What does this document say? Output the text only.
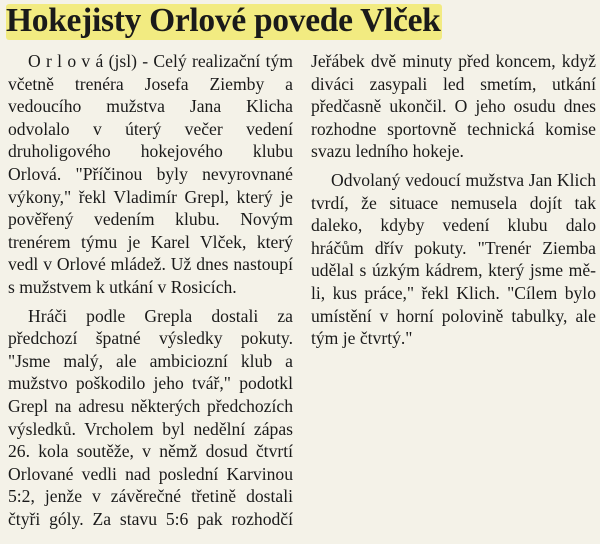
Hokejisty Orlové povede Vlček

O r l o v á (jsl) - Celý realizační tým včetně trenéra Josefa Ziemby a vedoucího mužstva Jana Klicha odvolalo v úterý večer vedení druholigového hokejového klubu Orlová. "Příčinou byly nevyrovnané výkony," řekl Vladimír Grepl, který je pověřený vedením klubu. Novým trenérem týmu je Karel Vlček, který vedl v Orlové mládež. Už dnes nastoupí s mužstvem k utkání v Rosicích.

Hráči podle Grepla dostali za předchozí špatné výsledky pokuty. "Jsme malý, ale ambiciozní klub a mužstvo poškodilo jeho tvář," podotkl Grepl na adresu některých předchozích výsledků. Vrcholem byl nedělní zápas 26. kola soutěže, v němž dosud čtvrtí Orlované vedli nad poslední Karvinou 5:2, jenže v závěrečné třetině dostali čtyři góly. Za stavu 5:6 pak rozhodčí Jeřábek dvě minuty před koncem, když diváci zasypali led smetím, utkání předčasně ukončil. O jeho osudu dnes rozhodne sportovně technická komise svazu ledního hokeje.

Odvolaný vedoucí mužstva Jan Klich tvrdí, že situace nemusela dojít tak daleko, kdyby vedení klubu dalo hráčům dřív pokuty. "Trenér Ziemba udělal s úzkým kádrem, který jsme měli, kus práce," řekl Klich. "Cílem bylo umístění v horní polovině tabulky, ale tým je čtvrtý."
